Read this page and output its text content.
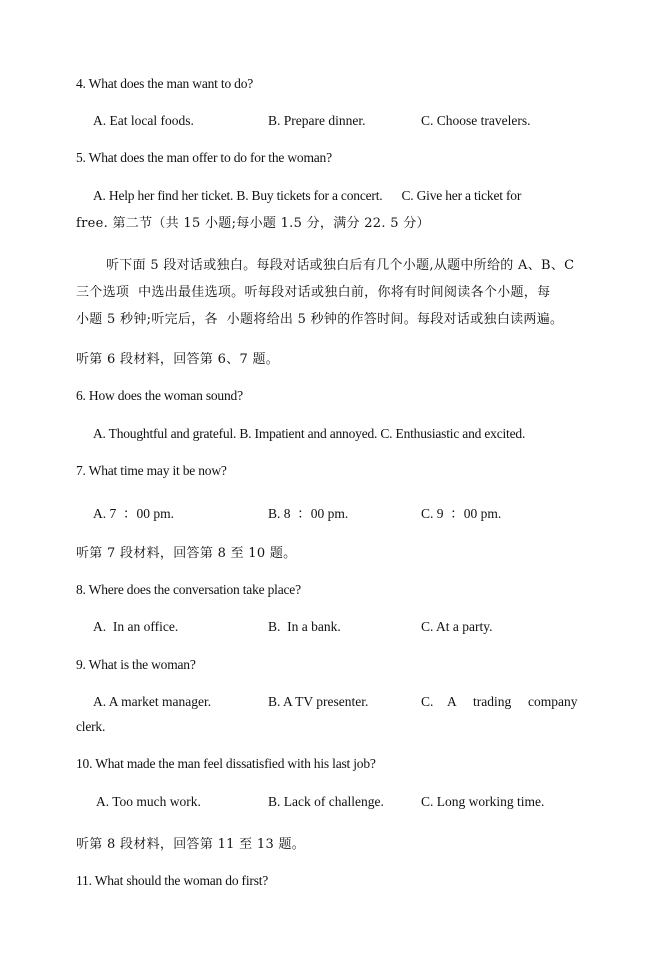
4. What does the man want to do?
A. Eat local foods.	B. Prepare dinner.	C. Choose travelers.
5. What does the man offer to do for the woman?
A. Help her find her ticket. B. Buy tickets for a concert.      C. Give her a ticket for
free. 第二节（共 15 小题;每小题 1.5 分，满分 22. 5 分）
听下面 5 段对话或独白。每段对话或独白后有几个小题,从题中所给的 A、B、C
三个选项  中选出最佳选项。听每段对话或独白前，你将有时间阅读各个小题，每
小题 5 秒钟;听完后，各  小题将给出 5 秒钟的作答时间。每段对话或独白读两遍。
听第 6 段材料，回答第 6、7 题。
6. How does the woman sound?
A. Thoughtful and grateful. B. Impatient and annoyed. C. Enthusiastic and excited.
7. What time may it be now?
A. 7  ：00 pm.	B. 8  ：00 pm.	C. 9  ：00 pm.
听第 7 段材料，回答第 8 至 10 题。
8. Where does the conversation take place?
A.  In an office.	B.  In a bank.	C. At a party.
9. What is the woman?
A. A market manager.	B. A TV presenter.	C. A trading company
clerk.
10. What made the man feel dissatisfied with his last job?
A. Too much work.	B. Lack of challenge.	C. Long working time.
听第 8 段材料，回答第 11 至 13 题。
11. What should the woman do first?
